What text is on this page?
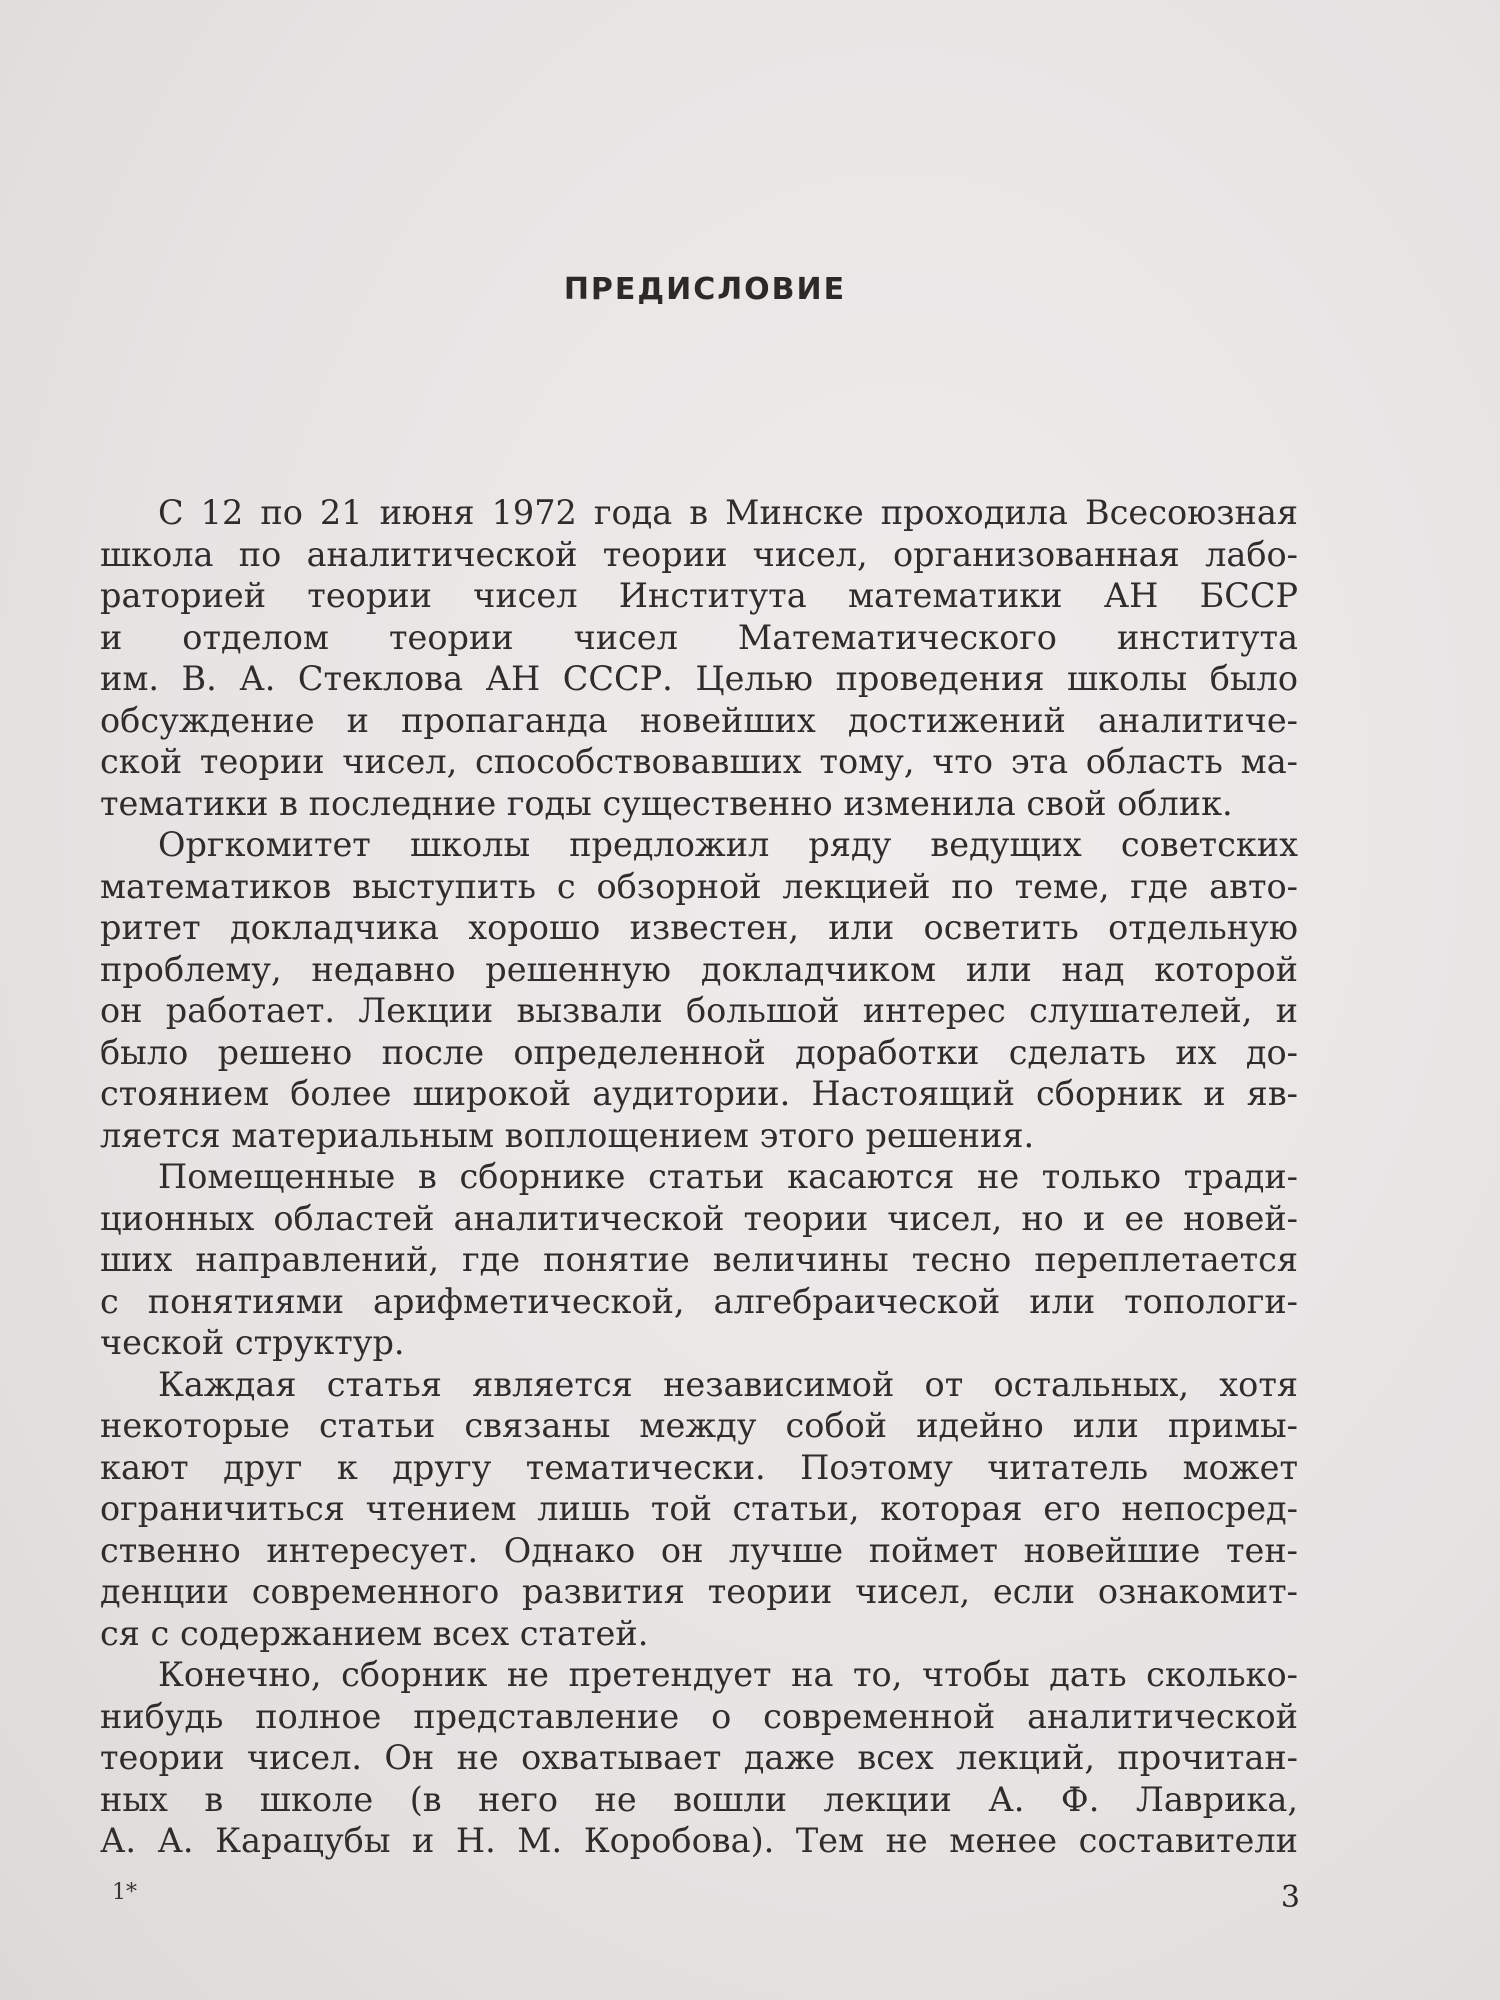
ПРЕДИСЛОВИЕ
С 12 по 21 июня 1972 года в Минске проходила Всесоюзная
школа по аналитической теории чисел, организованная лабо-
раторией теории чисел Института математики АН БССР
и отделом теории чисел Математического института
им. В. А. Стеклова АН СССР. Целью проведения школы было
обсуждение и пропаганда новейших достижений аналитиче-
ской теории чисел, способствовавших тому, что эта область ма-
тематики в последние годы существенно изменила свой облик.
Оргкомитет школы предложил ряду ведущих советских
математиков выступить с обзорной лекцией по теме, где авто-
ритет докладчика хорошо известен, или осветить отдельную
проблему, недавно решенную докладчиком или над которой
он работает. Лекции вызвали большой интерес слушателей, и
было решено после определенной доработки сделать их до-
стоянием более широкой аудитории. Настоящий сборник и яв-
ляется материальным воплощением этого решения.
Помещенные в сборнике статьи касаются не только тради-
ционных областей аналитической теории чисел, но и ее новей-
ших направлений, где понятие величины тесно переплетается
с понятиями арифметической, алгебраической или топологи-
ческой структур.
Каждая статья является независимой от остальных, хотя
некоторые статьи связаны между собой идейно или примы-
кают друг к другу тематически. Поэтому читатель может
ограничиться чтением лишь той статьи, которая его непосред-
ственно интересует. Однако он лучше поймет новейшие тен-
денции современного развития теории чисел, если ознакомит-
ся с содержанием всех статей.
Конечно, сборник не претендует на то, чтобы дать сколько-
нибудь полное представление о современной аналитической
теории чисел. Он не охватывает даже всех лекций, прочитан-
ных в школе (в него не вошли лекции А. Ф. Лаврика,
А. А. Карацубы и Н. М. Коробова). Тем не менее составители
1*	3
